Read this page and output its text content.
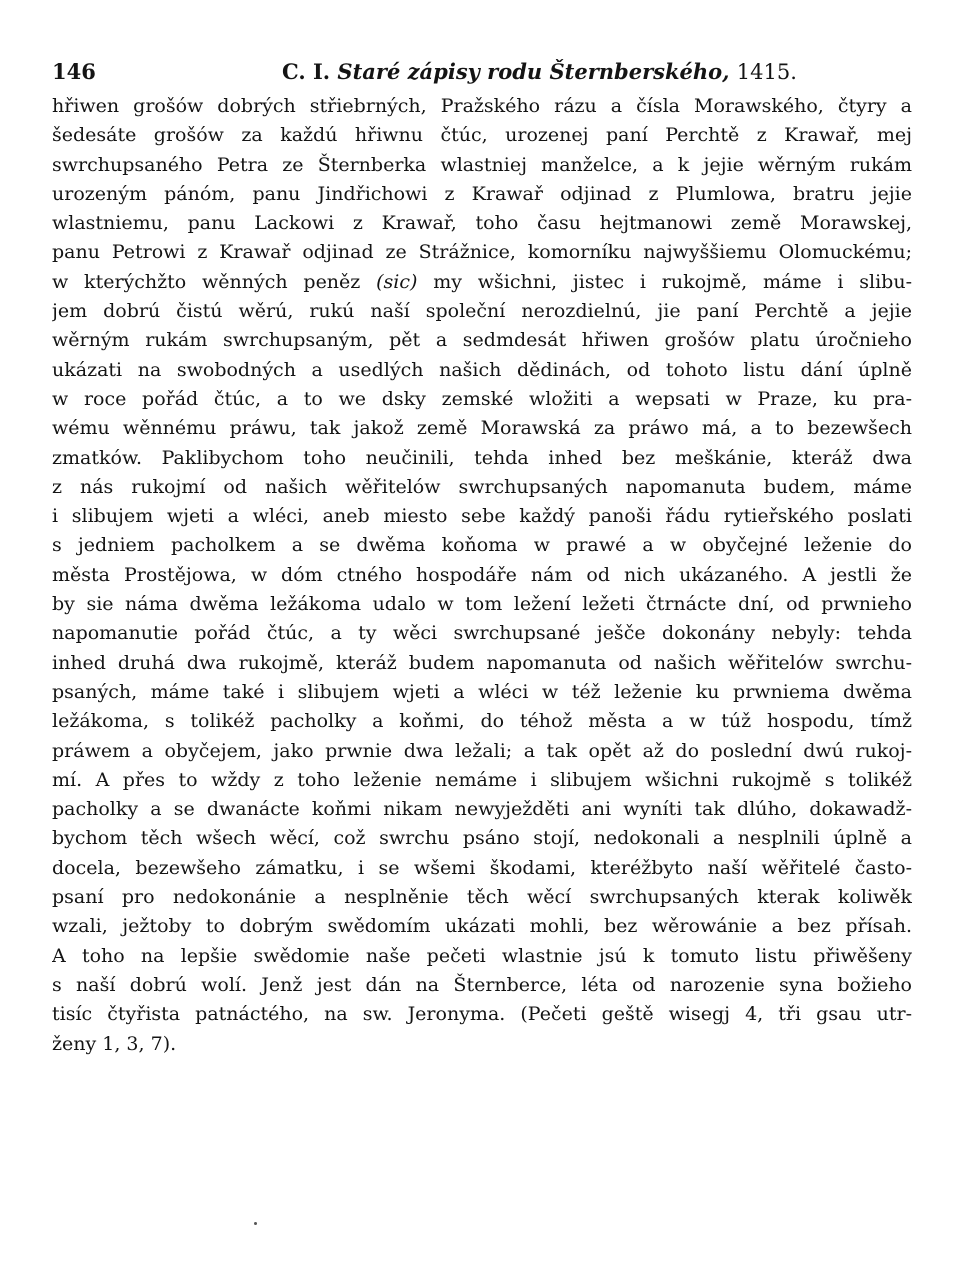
146	C. I. Staré zápisy rodu Šternberského, 1415.
hřiwen grošów dobrých střiebrných, Pražského rázu a čísla Morawského, čtyry a
šedesáte grošów za každú hřiwnu čtúc, urozenej paní Perchtě z Krawař, mej
swrchupsaného Petra ze Šternberka wlastniej manželce, a k jejie wěrným rukám
urozeným pánóm, panu Jindřichowi z Krawař odjinad z Plumlowa, bratru jejie
wlastniemu, panu Lackowi z Krawař, toho času hejtmanowi země Morawskej,
panu Petrowi z Krawař odjinad ze Strážnice, komorníku najwyššiemu Olomuckému;
w kterýchžto wěnných peněz (sic) my wšichni, jistec i rukojmě, máme i slibu-
jem dobrú čistú wěrú, rukú naší společní nerozdielnú, jie paní Perchtě a jejie
wěrným rukám swrchupsaným, pět a sedmdesát hřiwen grošów platu úročnieho
ukázati na swobodných a usedlých našich dědinách, od tohoto listu dání úplně
w roce pořád čtúc, a to we dsky zemské wložiti a wepsati w Praze, ku pra-
wému wěnnému práwu, tak jakož země Morawská za práwo má, a to bezewšech
zmatków. Paklibychom toho neučinili, tehda inhed bez meškánie, kteráž dwa
z nás rukojmí od našich wěřitelów swrchupsaných napomanuta budem, máme
i slibujem wjeti a wléci, aneb miesto sebe každý panoši řádu rytieřského poslati
s jedniem pacholkem a se dwěma koňoma w prawé a w obyčejné leženie do
města Prostějowa, w dóm ctného hospodáře nám od nich ukázaného. A jestli že
by sie náma dwěma ležákoma udalo w tom ležení ležeti čtrnácte dní, od prwnieho
napomanutie pořád čtúc, a ty wěci swrchupsané ješče dokonány nebyly: tehda
inhed druhá dwa rukojmě, kteráž budem napomanuta od našich wěřitelów swrchu-
psaných, máme také i slibujem wjeti a wléci w též leženie ku prwniema dwěma
ležákoma, s tolikéž pacholky a koňmi, do téhož města a w túž hospodu, tímž
práwem a obyčejem, jako prwnie dwa ležali; a tak opět až do poslední dwú rukoj-
mí. A přes to wždy z toho leženie nemáme i slibujem wšichni rukojmě s tolikéž
pacholky a se dwanácte koňmi nikam newyježděti ani wyníti tak dlúho, dokawadž-
bychom těch wšech wěcí, což swrchu psáno stojí, nedokonali a nesplnili úplně a
docela, bezewšeho zámatku, i se wšemi škodami, kteréžbyto naší wěřitelé častо-
psaní pro nedokonánie a nesplněnie těch wěcí swrchupsaných kterak koliwěk
wzali, ježtoby to dobrým swědomím ukázati mohli, bez wěrowánie a bez přísah.
A toho na lepšie swědomie naše pečeti wlastnie jsú k tomuto listu přiwěšeny
s naší dobrú wolí. Jenž jest dán na Šternberce, léta od narozenie syna božieho
tisíc čtyřista patnáctého, na sw. Jeronyma. (Pečeti geště wisegj 4, tři gsau utr-
ženy 1, 3, 7).
